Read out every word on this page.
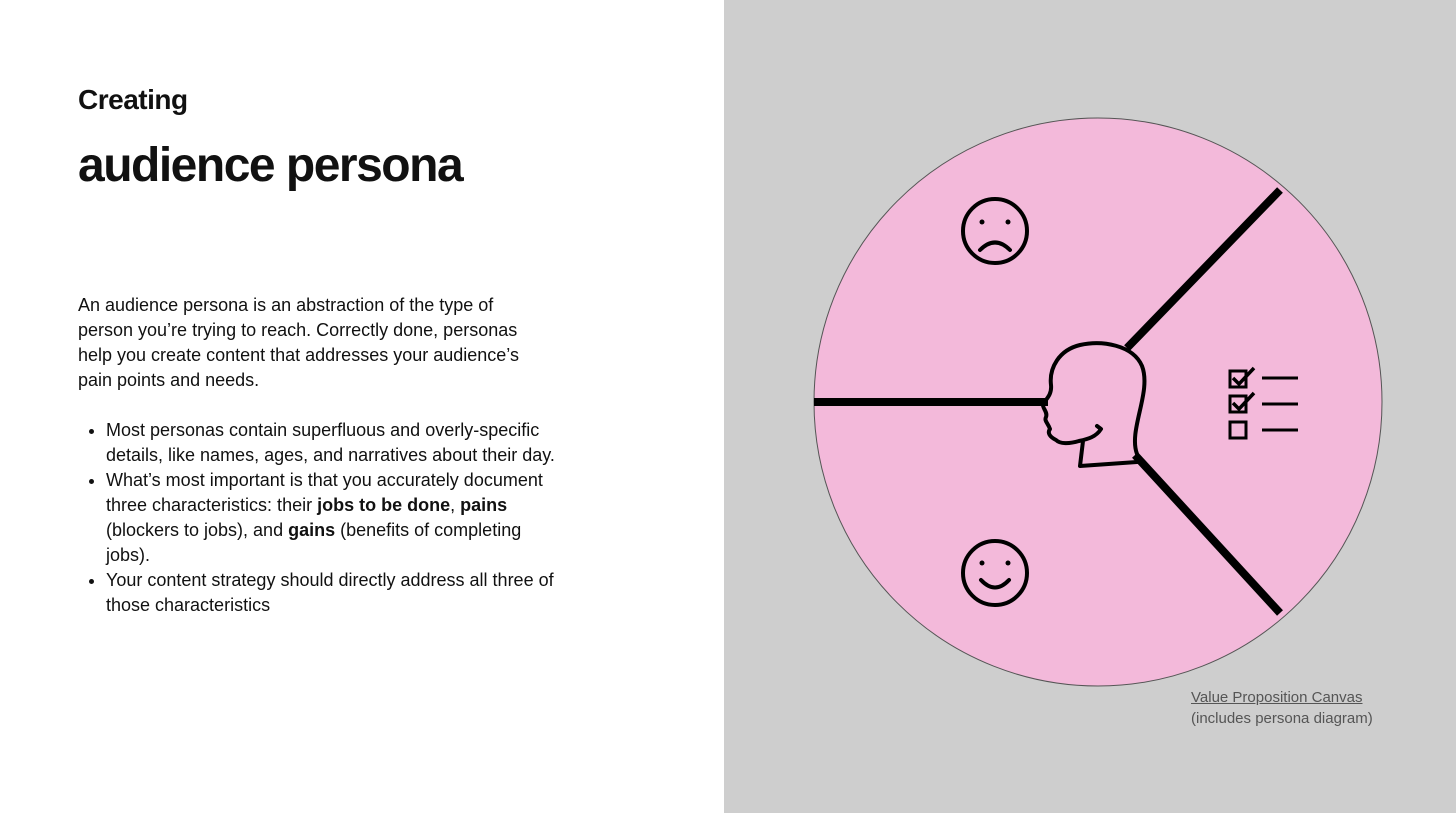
Creating
audience persona

An audience persona is an abstraction of the type of person you’re trying to reach. Correctly done, personas help you create content that addresses your audience’s pain points and needs.

• Most personas contain superfluous and overly-specific details, like names, ages, and narratives about their day.
• What’s most important is that you accurately document three characteristics: their jobs to be done, pains (blockers to jobs), and gains (benefits of completing jobs).
• Your content strategy should directly address all three of those characteristics
Value Proposition Canvas
(includes persona diagram)
